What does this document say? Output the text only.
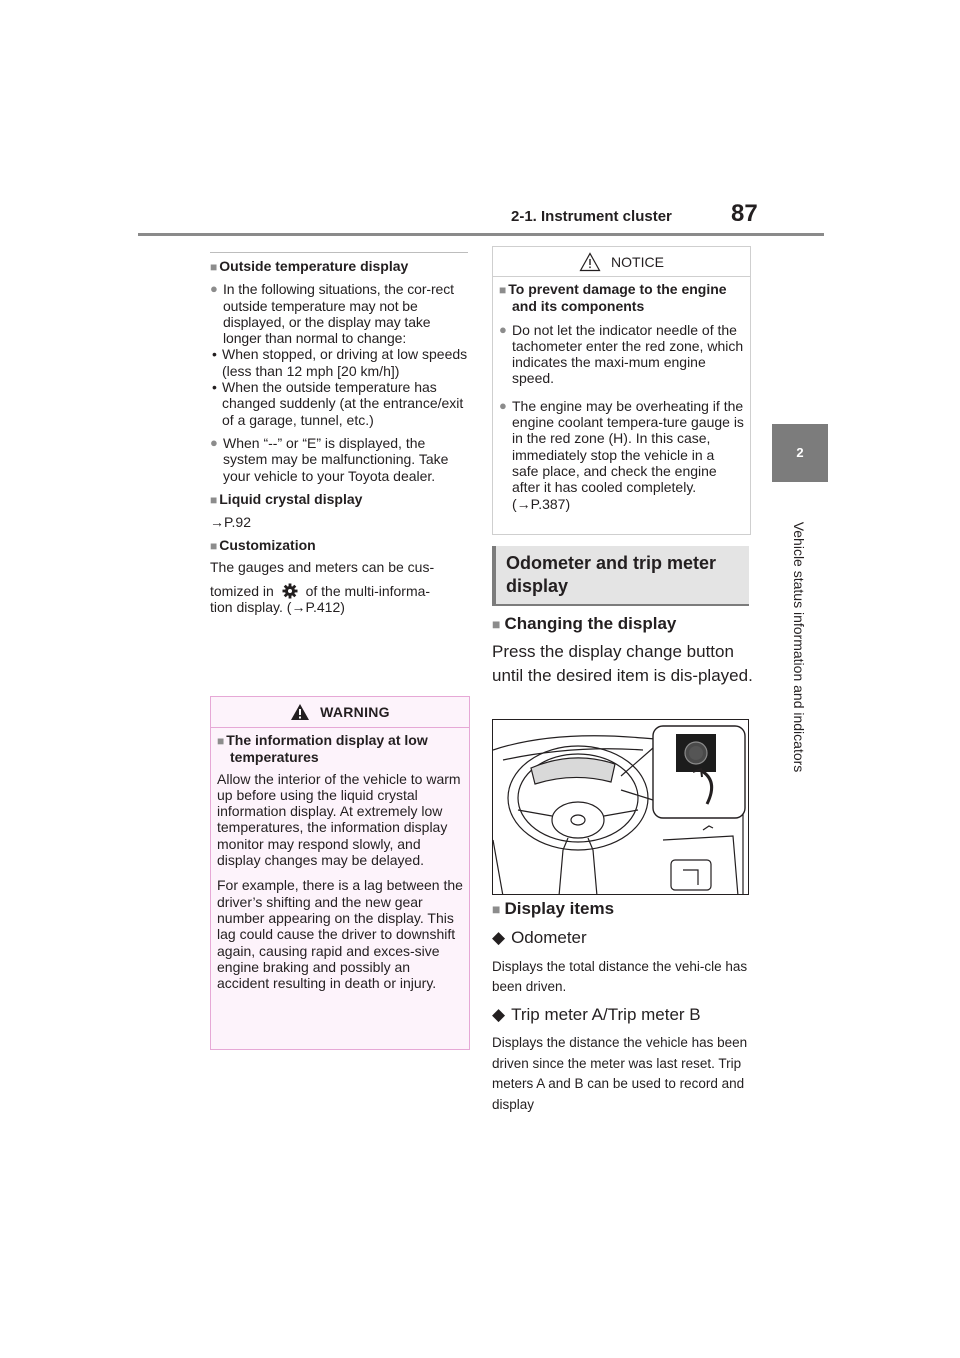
2-1. Instrument cluster 87
2
Vehicle status information and indicators

■ Outside temperature display

● In the following situations, the cor-rect outside temperature may not be displayed, or the display may take longer than normal to change:

• When stopped, or driving at low speeds (less than 12 mph [20 km/h])

• When the outside temperature has changed suddenly (at the entrance/exit of a garage, tunnel, etc.)

● When “--” or “E” is displayed, the system may be malfunctioning. Take your vehicle to your Toyota dealer.

■ Liquid crystal display

→P.92

■ Customization

The gauges and meters can be cus-

tomized in of the multi-informa-

tion display. (→P.412)

WARNING

■ The information display at low temperatures

Allow the interior of the vehicle to warm up before using the liquid crystal information display. At extremely low temperatures, the information display monitor may respond slowly, and display changes may be delayed.

For example, there is a lag between the driver’s shifting and the new gear number appearing on the display. This lag could cause the driver to downshift again, causing rapid and exces-sive engine braking and possibly an accident resulting in death or injury.

NOTICE

■ To prevent damage to the engine and its components

● Do not let the indicator needle of the tachometer enter the red zone, which indicates the maxi-mum engine speed.

● The engine may be overheating if the engine coolant tempera-ture gauge is in the red zone (H). In this case, immediately stop the vehicle in a safe place, and check the engine after it has cooled completely.

(→P.387)

Odometer and trip meter display

■ Changing the display

Press the display change button until the desired item is dis-played.

■ Display items

◆ Odometer

Displays the total distance the vehi-cle has been driven.

◆ Trip meter A/Trip meter B

Displays the distance the vehicle has been driven since the meter was last reset. Trip meters A and B can be used to record and display
